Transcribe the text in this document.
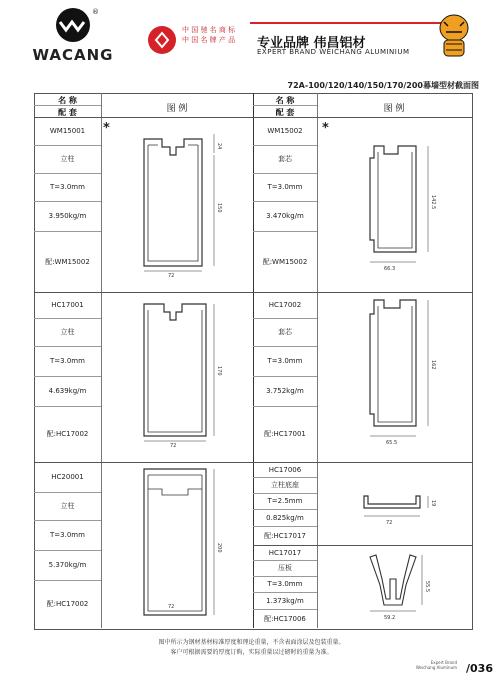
®
WACANG
中 国 驰 名 商 标
中 国 名 牌 产 品 专业品牌 伟昌铝材
EXPERT BRAND WEICHANG ALUMINIUM
72A-100/120/140/150/170/200幕墙型材截面图
名 称
配 套	图 例
名 称
配 套	图 例
WM15001
立柱
T=3.0mm
3.950kg/m
配:WM15002
*
24
150
72
HC17001
立柱
T=3.0mm
4.639kg/m
配:HC17002
170
72
HC20001
立柱
T=3.0mm
5.370kg/m
配:HC17002
200
72
WM15002
套芯
T=3.0mm
3.470kg/m
配:WM15002
*
142.5
66.3
HC17002
套芯
T=3.0mm
3.752kg/m
配:HC17001
162
65.5
HC17006
立柱底座
T=2.5mm
0.825kg/m
配:HC17017
19
72
HC17017
压板
T=3.0mm
1.373kg/m
配:HC17006
55.5
59.2
图中所示为钢材基材标准厚度和理论重量，不含表面涂层及包装重量。
客户可根据需要的厚度订购，实际重量以过磅时的重量为准。
Expert Brand
Weichang Aluminum /036
